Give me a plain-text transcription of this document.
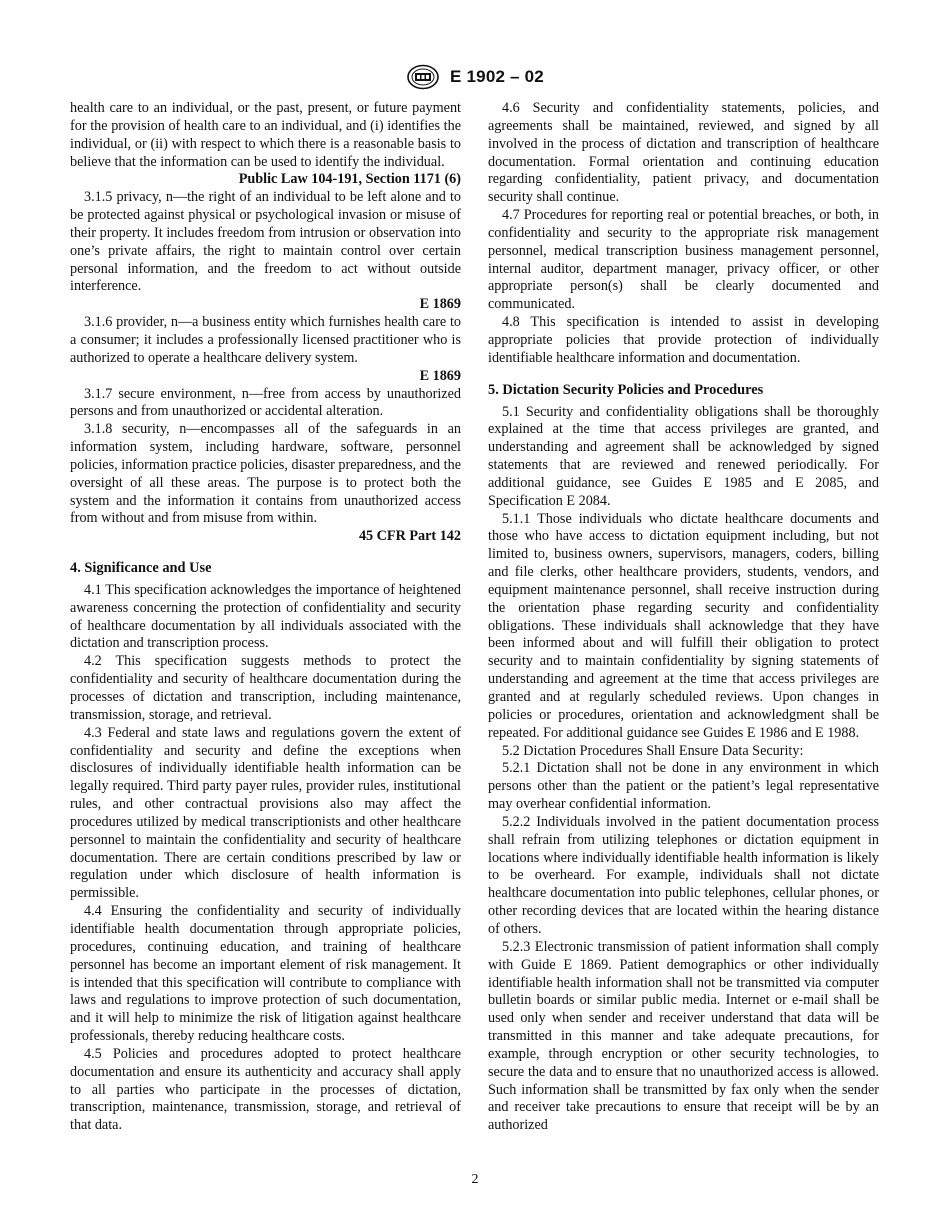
E 1902 – 02

health care to an individual, or the past, present, or future payment for the provision of health care to an individual, and (i) identifies the individual, or (ii) with respect to which there is a reasonable basis to believe that the information can be used to identify the individual.

Public Law 104-191, Section 1171 (6)

3.1.5 privacy, n—the right of an individual to be left alone and to be protected against physical or psychological invasion or misuse of their property. It includes freedom from intrusion or observation into one’s private affairs, the right to maintain control over certain personal information, and the freedom to act without outside interference.

E 1869

3.1.6 provider, n—a business entity which furnishes health care to a consumer; it includes a professionally licensed practitioner who is authorized to operate a healthcare delivery system.

E 1869

3.1.7 secure environment, n—free from access by unauthorized persons and from unauthorized or accidental alteration.

3.1.8 security, n—encompasses all of the safeguards in an information system, including hardware, software, personnel policies, information practice policies, disaster preparedness, and the oversight of all these areas. The purpose is to protect both the system and the information it contains from unauthorized access from without and from misuse from within.

45 CFR Part 142

4. Significance and Use

4.1 This specification acknowledges the importance of heightened awareness concerning the protection of confidentiality and security of healthcare documentation by all individuals associated with the dictation and transcription process.

4.2 This specification suggests methods to protect the confidentiality and security of healthcare documentation during the processes of dictation and transcription, including maintenance, transmission, storage, and retrieval.

4.3 Federal and state laws and regulations govern the extent of confidentiality and security and define the exceptions when disclosures of individually identifiable health information can be legally required. Third party payer rules, provider rules, institutional rules, and other contractual provisions also may affect the procedures utilized by medical transcriptionists and other healthcare personnel to maintain the confidentiality and security of healthcare documentation. There are certain conditions prescribed by law or regulation under which disclosure of health information is permissible.

4.4 Ensuring the confidentiality and security of individually identifiable health documentation through appropriate policies, procedures, continuing education, and training of healthcare personnel has become an important element of risk management. It is intended that this specification will contribute to compliance with laws and regulations to improve protection of such documentation, and it will help to minimize the risk of litigation against healthcare professionals, thereby reducing healthcare costs.

4.5 Policies and procedures adopted to protect healthcare documentation and ensure its authenticity and accuracy shall apply to all parties who participate in the processes of dictation, transcription, maintenance, transmission, storage, and retrieval of that data.

4.6 Security and confidentiality statements, policies, and agreements shall be maintained, reviewed, and signed by all involved in the process of dictation and transcription of healthcare documentation. Formal orientation and continuing education regarding confidentiality, patient privacy, and documentation security shall continue.

4.7 Procedures for reporting real or potential breaches, or both, in confidentiality and security to the appropriate risk management personnel, medical transcription business management personnel, internal auditor, department manager, privacy officer, or other appropriate person(s) shall be clearly documented and communicated.

4.8 This specification is intended to assist in developing appropriate policies that provide protection of individually identifiable healthcare information and documentation.

5. Dictation Security Policies and Procedures

5.1 Security and confidentiality obligations shall be thoroughly explained at the time that access privileges are granted, and understanding and agreement shall be acknowledged by signed statements that are reviewed and renewed periodically. For additional guidance, see Guides E 1985 and E 2085, and Specification E 2084.

5.1.1 Those individuals who dictate healthcare documents and those who have access to dictation equipment including, but not limited to, business owners, supervisors, managers, coders, billing and file clerks, other healthcare providers, students, vendors, and equipment maintenance personnel, shall receive instruction during the orientation phase regarding security and confidentiality obligations. These individuals shall acknowledge that they have been informed about and will fulfill their obligation to protect security and to maintain confidentiality by signing statements of understanding and agreement at the time that access privileges are granted and at regularly scheduled reviews. Upon changes in policies or procedures, orientation and acknowledgment shall be repeated. For additional guidance see Guides E 1986 and E 1988.

5.2 Dictation Procedures Shall Ensure Data Security:

5.2.1 Dictation shall not be done in any environment in which persons other than the patient or the patient’s legal representative may overhear confidential information.

5.2.2 Individuals involved in the patient documentation process shall refrain from utilizing telephones or dictation equipment in locations where individually identifiable health information is likely to be overheard. For example, individuals shall not dictate healthcare documentation into public telephones, cellular phones, or other recording devices that are located within the hearing distance of others.

5.2.3 Electronic transmission of patient information shall comply with Guide E 1869. Patient demographics or other individually identifiable health information shall not be transmitted via computer bulletin boards or similar public media. Internet or e-mail shall be used only when sender and receiver understand that data will be transmitted in this manner and take adequate precautions, for example, through encryption or other security technologies, to secure the data and to ensure that no unauthorized access is allowed. Such information shall be transmitted by fax only when the sender and receiver take precautions to ensure that receipt will be by an authorized

2
